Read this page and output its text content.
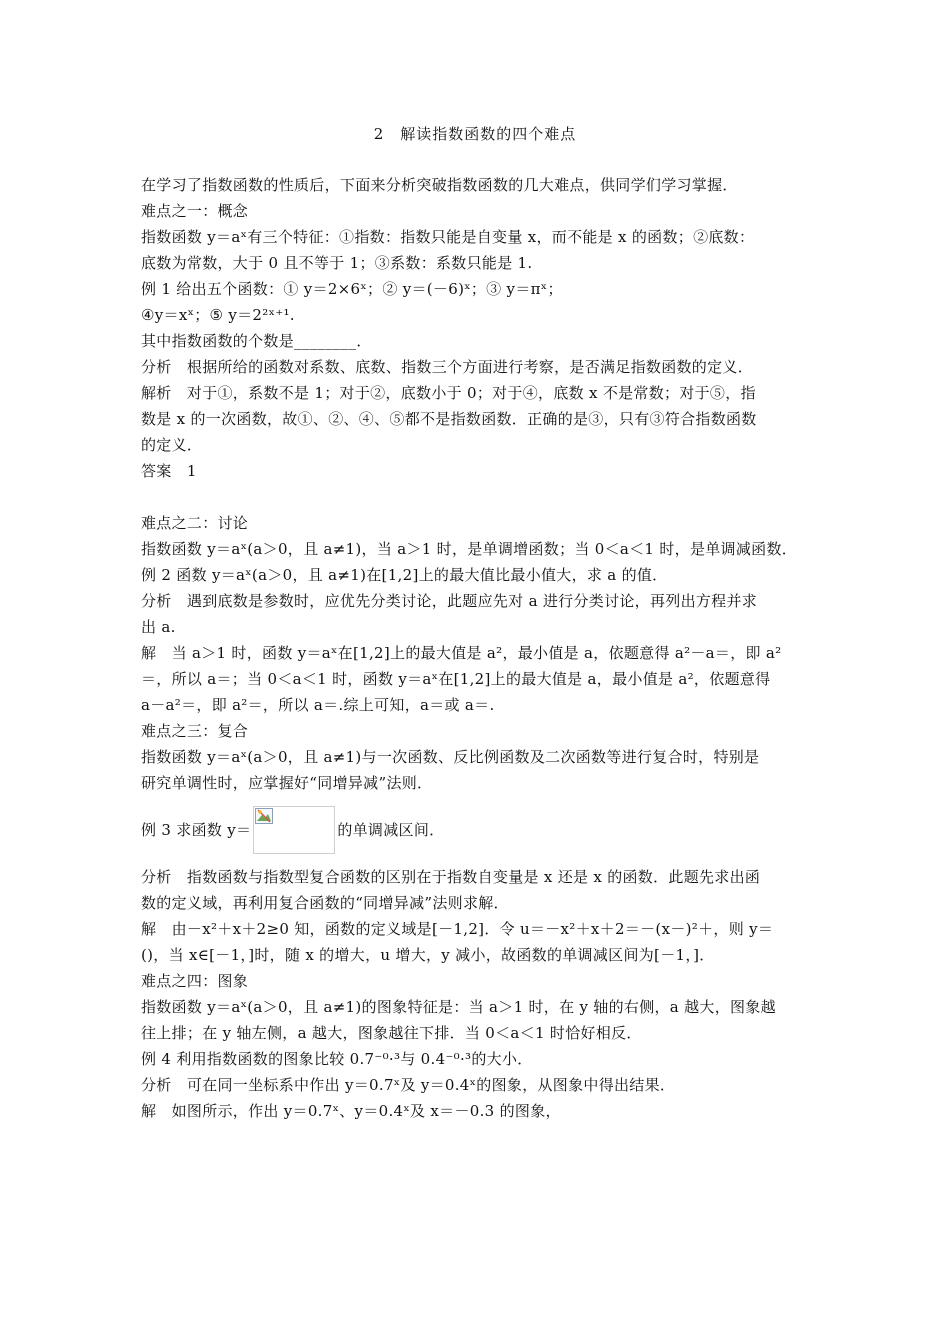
2　解读指数函数的四个难点

在学习了指数函数的性质后，下面来分析突破指数函数的几大难点，供同学们学习掌握．

难点之一：概念

指数函数 y＝aˣ有三个特征：①指数：指数只能是自变量 x，而不能是 x 的函数；②底数：

底数为常数，大于 0 且不等于 1；③系数：系数只能是 1.

例 1 给出五个函数：① y＝2×6ˣ；② y＝(－6)ˣ；③ y＝πˣ；

④y＝xˣ；⑤ y＝2²ˣ⁺¹.

其中指数函数的个数是________．

分析　根据所给的函数对系数、底数、指数三个方面进行考察，是否满足指数函数的定义．

解析　对于①，系数不是 1；对于②，底数小于 0；对于④，底数 x 不是常数；对于⑤，指

数是 x 的一次函数，故①、②、④、⑤都不是指数函数．正确的是③，只有③符合指数函数

的定义．

答案　1

难点之二：讨论

指数函数 y＝aˣ(a＞0，且 a≠1)，当 a＞1 时，是单调增函数；当 0＜a＜1 时，是单调减函数．

例 2 函数 y＝aˣ(a＞0，且 a≠1)在[1,2]上的最大值比最小值大，求 a 的值．

分析　遇到底数是参数时，应优先分类讨论，此题应先对 a 进行分类讨论，再列出方程并求

出 a.

解　当 a＞1 时，函数 y＝aˣ在[1,2]上的最大值是 a²，最小值是 a，依题意得 a²－a＝，即 a²

＝，所以 a＝；当 0＜a＜1 时，函数 y＝aˣ在[1,2]上的最大值是 a，最小值是 a²，依题意得

a－a²＝，即 a²＝，所以 a＝.综上可知，a＝或 a＝.

难点之三：复合

指数函数 y＝aˣ(a＞0，且 a≠1)与一次函数、反比例函数及二次函数等进行复合时，特别是

研究单调性时，应掌握好“同增异减”法则．

例 3 求函数 y＝	的单调减区间．

分析　指数函数与指数型复合函数的区别在于指数自变量是 x 还是 x 的函数．此题先求出函

数的定义域，再利用复合函数的“同增异减”法则求解．

解　由－x²＋x＋2≥0 知，函数的定义域是[－1,2]．令 u＝－x²＋x＋2＝－(x－)²＋，则 y＝

()，当 x∈[－1，]时，随 x 的增大，u 增大，y 减小，故函数的单调减区间为[－1，]．

难点之四：图象

指数函数 y＝aˣ(a＞0，且 a≠1)的图象特征是：当 a＞1 时，在 y 轴的右侧，a 越大，图象越

往上排；在 y 轴左侧，a 越大，图象越往下排．当 0＜a＜1 时恰好相反．

例 4 利用指数函数的图象比较 0.7⁻⁰·³与 0.4⁻⁰·³的大小．

分析　可在同一坐标系中作出 y＝0.7ˣ及 y＝0.4ˣ的图象，从图象中得出结果．

解　如图所示，作出 y＝0.7ˣ、y＝0.4ˣ及 x＝－0.3 的图象，
